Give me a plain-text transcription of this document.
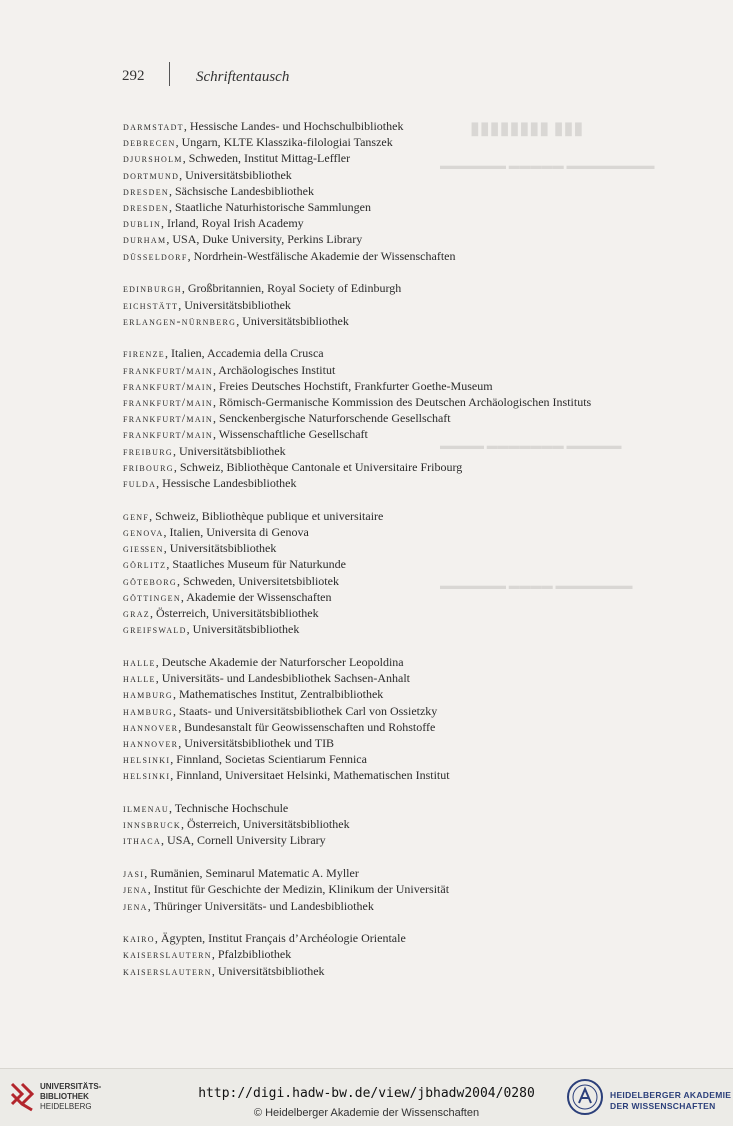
▮▮▮▮▮▮▮▮ ▮▮▮
▬▬▬▬▬▬ ▬▬▬▬▬ ▬▬▬▬▬▬▬▬
▬▬▬▬ ▬▬▬▬▬▬▬ ▬▬▬▬▬
▬▬▬▬▬▬ ▬▬▬▬ ▬▬▬▬▬▬▬
292	Schriftentausch
darmstadt, Hessische Landes- und Hochschulbibliothek
debrecen, Ungarn, KLTE Klasszika-filologiai Tanszek
djursholm, Schweden, Institut Mittag-Leffler
dortmund, Universitätsbibliothek
dresden, Sächsische Landesbibliothek
dresden, Staatliche Naturhistorische Sammlungen
dublin, Irland, Royal Irish Academy
durham, USA, Duke University, Perkins Library
düsseldorf, Nordrhein-Westfälische Akademie der Wissenschaften
edinburgh, Großbritannien, Royal Society of Edinburgh
eichstätt, Universitätsbibliothek
erlangen-nürnberg, Universitätsbibliothek
firenze, Italien, Accademia della Crusca
frankfurt/main, Archäologisches Institut
frankfurt/main, Freies Deutsches Hochstift, Frankfurter Goethe-Museum
frankfurt/main, Römisch-Germanische Kommission des Deutschen Archäologischen Instituts
frankfurt/main, Senckenbergische Naturforschende Gesellschaft
frankfurt/main, Wissenschaftliche Gesellschaft
freiburg, Universitätsbibliothek
fribourg, Schweiz, Bibliothèque Cantonale et Universitaire Fribourg
fulda, Hessische Landesbibliothek
genf, Schweiz, Bibliothèque publique et universitaire
genova, Italien, Universita di Genova
gießen, Universitätsbibliothek
görlitz, Staatliches Museum für Naturkunde
göteborg, Schweden, Universitetsbibliotek
göttingen, Akademie der Wissenschaften
graz, Österreich, Universitätsbibliothek
greifswald, Universitätsbibliothek
halle, Deutsche Akademie der Naturforscher Leopoldina
halle, Universitäts- und Landesbibliothek Sachsen-Anhalt
hamburg, Mathematisches Institut, Zentralbibliothek
hamburg, Staats- und Universitätsbibliothek Carl von Ossietzky
hannover, Bundesanstalt für Geowissenschaften und Rohstoffe
hannover, Universitätsbibliothek und TIB
helsinki, Finnland, Societas Scientiarum Fennica
helsinki, Finnland, Universitaet Helsinki, Mathematischen Institut
ilmenau, Technische Hochschule
innsbruck, Österreich, Universitätsbibliothek
ithaca, USA, Cornell University Library
jasi, Rumänien, Seminarul Matematic A. Myller
jena, Institut für Geschichte der Medizin, Klinikum der Universität
jena, Thüringer Universitäts- und Landesbibliothek
kairo, Ägypten, Institut Français d’Archéologie Orientale
kaiserslautern, Pfalzbibliothek
kaiserslautern, Universitätsbibliothek
UNIVERSITÄTS-
BIBLIOTHEK
HEIDELBERG
http://digi.hadw-bw.de/view/jbhadw2004/0280
© Heidelberger Akademie der Wissenschaften
HEIDELBERGER AKADEMIE
DER WISSENSCHAFTEN
